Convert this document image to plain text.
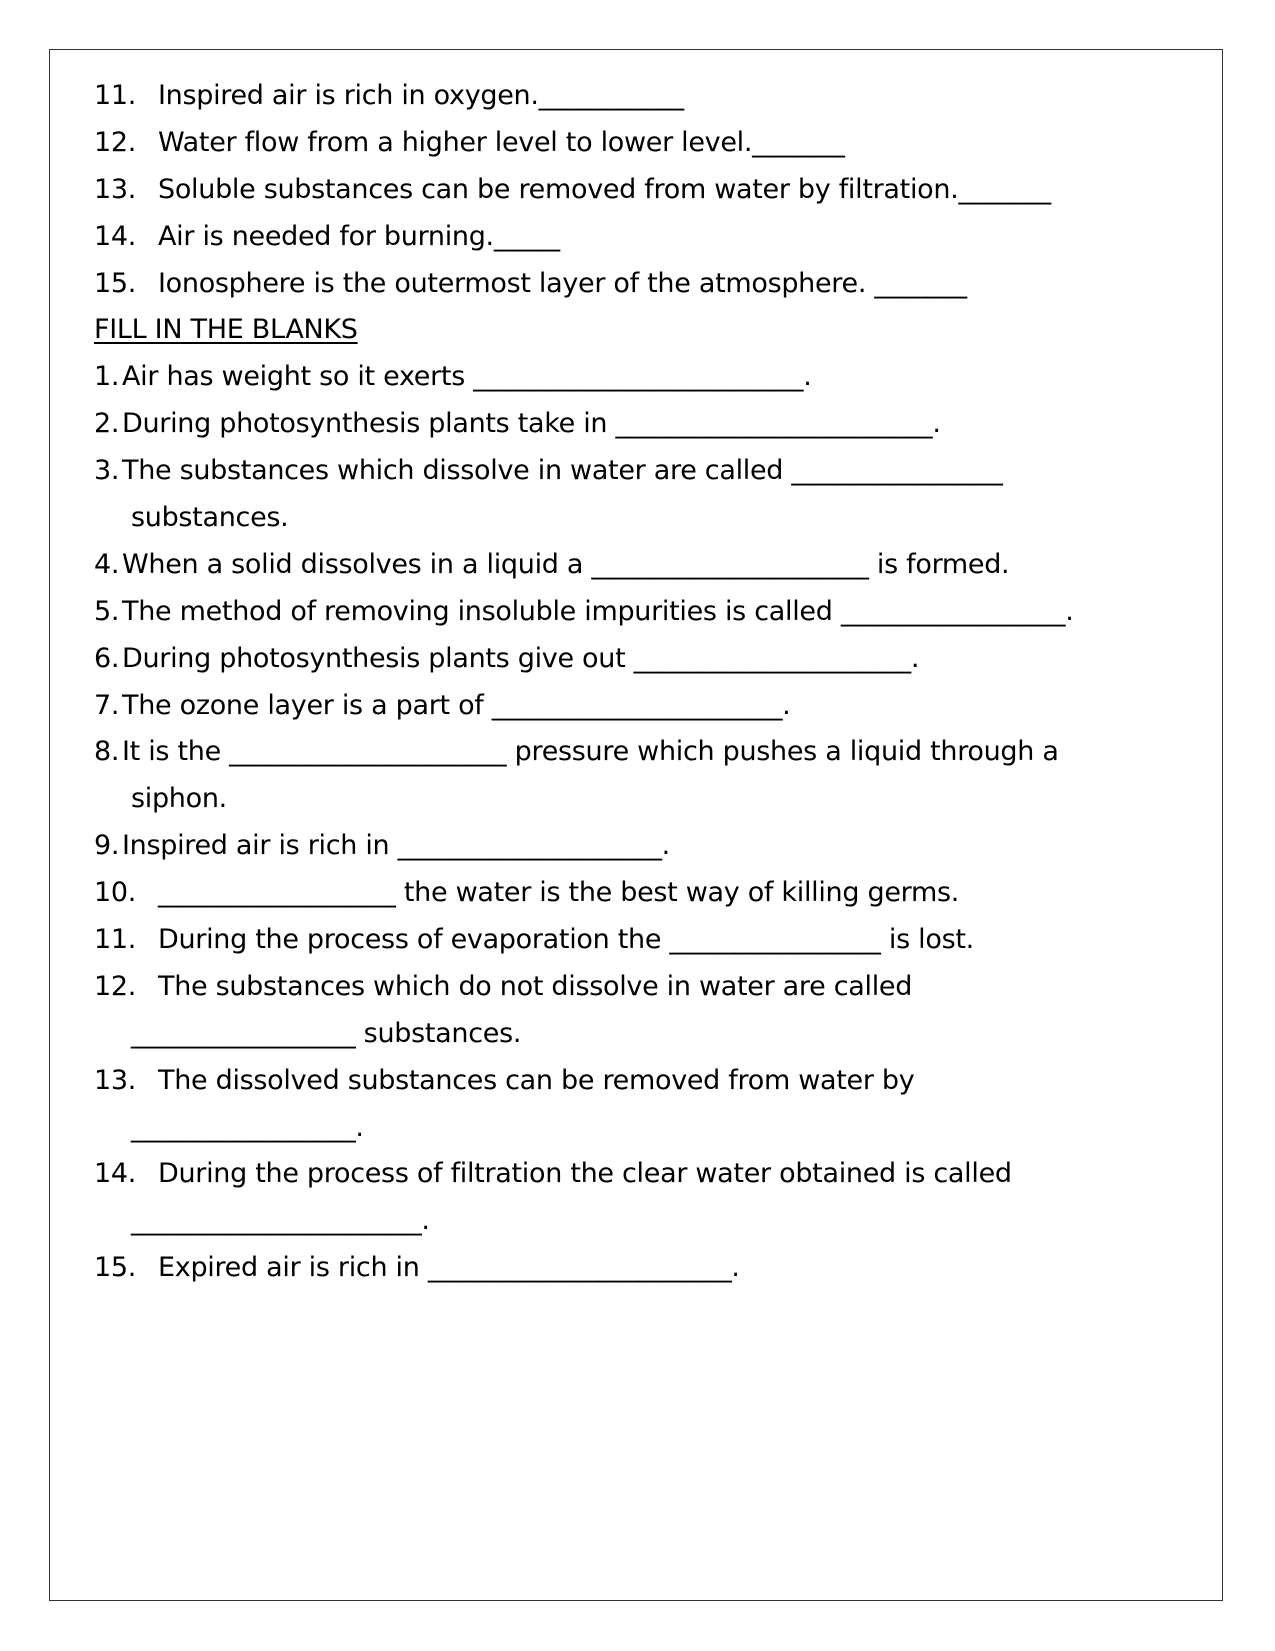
11. Inspired air is rich in oxygen.___________
12. Water flow from a higher level to lower level._______
13. Soluble substances can be removed from water by filtration._______
14. Air is needed for burning._____
15. Ionosphere is the outermost layer of the atmosphere. _______
FILL IN THE BLANKS
1. Air has weight so it exerts _________________________.
2. During photosynthesis plants take in ________________________.
3. The substances which dissolve in water are called ________________
substances.
4. When a solid dissolves in a liquid a _____________________ is formed.
5. The method of removing insoluble impurities is called _________________.
6. During photosynthesis plants give out _____________________.
7. The ozone layer is a part of ______________________.
8. It is the _____________________ pressure which pushes a liquid through a
siphon.
9. Inspired air is rich in ____________________.
10. __________________ the water is the best way of killing germs.
11. During the process of evaporation the ________________ is lost.
12. The substances which do not dissolve in water are called
_________________ substances.
13. The dissolved substances can be removed from water by
_________________.
14. During the process of filtration the clear water obtained is called
______________________.
15. Expired air is rich in _______________________.
